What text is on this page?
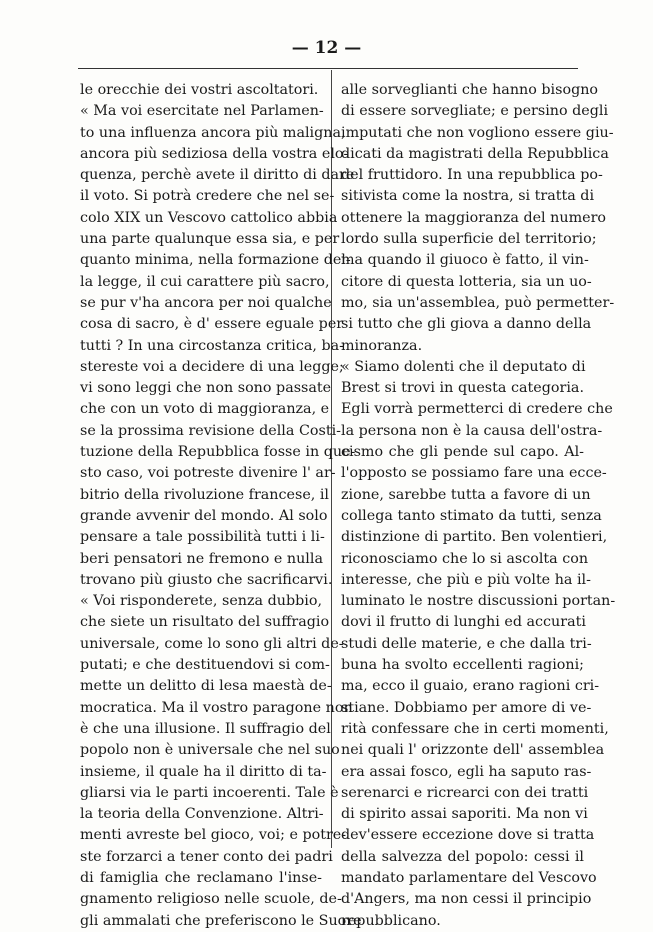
— 12 —
le orecchie dei vostri ascoltatori.
« Ma voi esercitate nel Parlamen-
to una influenza ancora più maligna,
ancora più sediziosa della vostra elo-
quenza, perchè avete il diritto di dare
il voto. Si potrà credere che nel se-
colo XIX un Vescovo cattolico abbia
una parte qualunque essa sia, e per
quanto minima, nella formazione del-
la legge, il cui carattere più sacro,
se pur v'ha ancora per noi qualche
cosa di sacro, è d' essere eguale per
tutti ? In una circostanza critica, ba-
stereste voi a decidere di una legge;
vi sono leggi che non sono passate
che con un voto di maggioranza, e
se la prossima revisione della Costi-
tuzione della Repubblica fosse in que-
sto caso, voi potreste divenire l' ar-
bitrio della rivoluzione francese, il
grande avvenir del mondo. Al solo
pensare a tale possibilità tutti i li-
beri pensatori ne fremono e nulla
trovano più giusto che sacrificarvi.
« Voi risponderete, senza dubbio,
che siete un risultato del suffragio
universale, come lo sono gli altri de-
putati; e che destituendovi si com-
mette un delitto di lesa maestà de-
mocratica. Ma il vostro paragone non
è che una illusione. Il suffragio del
popolo non è universale che nel suo
insieme, il quale ha il diritto di ta-
gliarsi via le parti incoerenti. Tale è
la teoria della Convenzione. Altri-
menti avreste bel gioco, voi; e potre-
ste forzarci a tener conto dei padri
di famiglia che reclamano l'inse-
gnamento religioso nelle scuole, de-
gli ammalati che preferiscono le Suore
alle sorveglianti che hanno bisogno
di essere sorvegliate; e persino degli
imputati che non vogliono essere giu-
dicati da magistrati della Repubblica
del fruttidoro. In una repubblica po-
sitivista come la nostra, si tratta di
ottenere la maggioranza del numero
lordo sulla superficie del territorio;
ma quando il giuoco è fatto, il vin-
citore di questa lotteria, sia un uo-
mo, sia un'assemblea, può permetter-
si tutto che gli giova a danno della
minoranza.
« Siamo dolenti che il deputato di
Brest si trovi in questa categoria.
Egli vorrà permetterci di credere che
la persona non è la causa dell'ostra-
cismo che gli pende sul capo. Al-
l'opposto se possiamo fare una ecce-
zione, sarebbe tutta a favore di un
collega tanto stimato da tutti, senza
distinzione di partito. Ben volentieri,
riconosciamo che lo si ascolta con
interesse, che più e più volte ha il-
luminato le nostre discussioni portan-
dovi il frutto di lunghi ed accurati
studi delle materie, e che dalla tri-
buna ha svolto eccellenti ragioni;
ma, ecco il guaio, erano ragioni cri-
stiane. Dobbiamo per amore di ve-
rità confessare che in certi momenti,
nei quali l' orizzonte dell' assemblea
era assai fosco, egli ha saputo ras-
serenarci e ricrearci con dei tratti
di spirito assai saporiti. Ma non vi
dev'essere eccezione dove si tratta
della salvezza del popolo: cessi il
mandato parlamentare del Vescovo
d'Angers, ma non cessi il principio
repubblicano.
